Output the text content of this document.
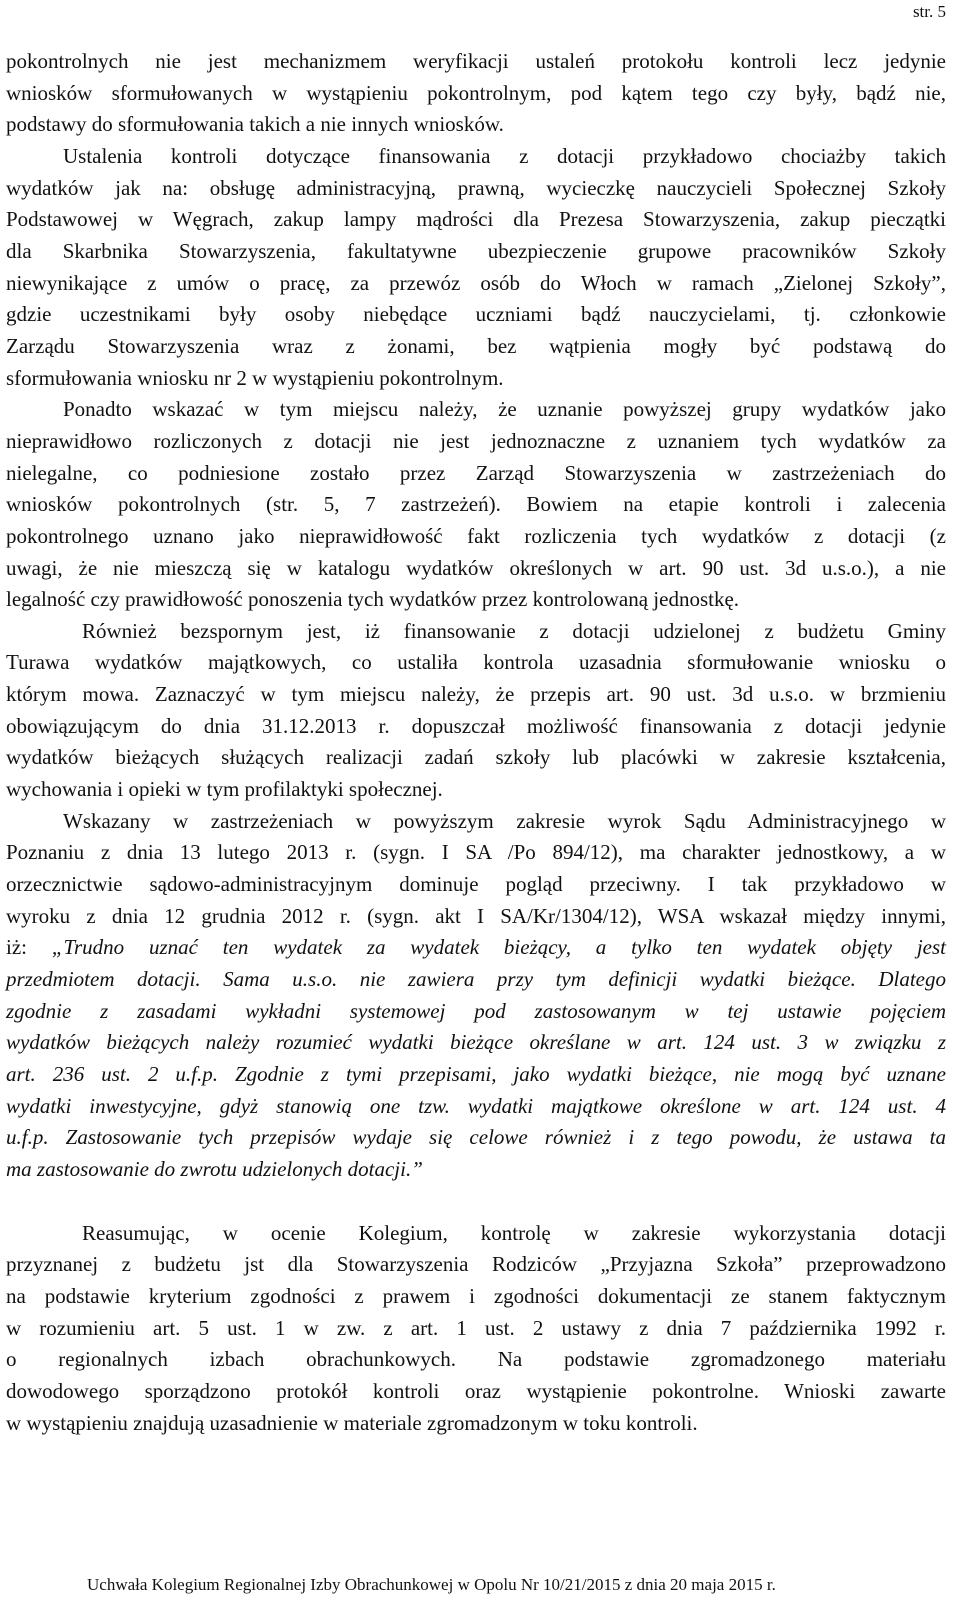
str. 5
pokontrolnych nie jest mechanizmem weryfikacji ustaleń protokołu kontroli lecz jedynie
wniosków sformułowanych w wystąpieniu pokontrolnym, pod kątem tego czy były, bądź nie,
podstawy do sformułowania takich a nie innych wniosków.
Ustalenia kontroli dotyczące finansowania z dotacji przykładowo chociażby takich
wydatków jak na: obsługę administracyjną, prawną, wycieczkę nauczycieli Społecznej Szkoły
Podstawowej w Węgrach, zakup lampy mądrości dla Prezesa Stowarzyszenia, zakup pieczątki
dla Skarbnika Stowarzyszenia, fakultatywne ubezpieczenie grupowe pracowników Szkoły
niewynikające z umów o pracę, za przewóz osób do Włoch w ramach „Zielonej Szkoły”,
gdzie uczestnikami były osoby niebędące uczniami bądź nauczycielami, tj. członkowie
Zarządu Stowarzyszenia wraz z żonami, bez wątpienia mogły być podstawą do
sformułowania wniosku nr 2 w wystąpieniu pokontrolnym.
Ponadto wskazać w tym miejscu należy, że uznanie powyższej grupy wydatków jako
nieprawidłowo rozliczonych z dotacji nie jest jednoznaczne z uznaniem tych wydatków za
nielegalne, co podniesione zostało przez Zarząd Stowarzyszenia w zastrzeżeniach do
wniosków pokontrolnych (str. 5, 7 zastrzeżeń). Bowiem na etapie kontroli i zalecenia
pokontrolnego uznano jako nieprawidłowość fakt rozliczenia tych wydatków z dotacji (z
uwagi, że nie mieszczą się w katalogu wydatków określonych w art. 90 ust. 3d u.s.o.), a nie
legalność czy prawidłowość ponoszenia tych wydatków przez kontrolowaną jednostkę.
Również bezspornym jest, iż finansowanie z dotacji udzielonej z budżetu Gminy
Turawa wydatków majątkowych, co ustaliła kontrola uzasadnia sformułowanie wniosku o
którym mowa. Zaznaczyć w tym miejscu należy, że przepis art. 90 ust. 3d u.s.o. w brzmieniu
obowiązującym do dnia 31.12.2013 r. dopuszczał możliwość finansowania z dotacji jedynie
wydatków bieżących służących realizacji zadań szkoły lub placówki w zakresie kształcenia,
wychowania i opieki w tym profilaktyki społecznej.
Wskazany w zastrzeżeniach w powyższym zakresie wyrok Sądu Administracyjnego w
Poznaniu z dnia 13 lutego 2013 r. (sygn. I SA /Po 894/12), ma charakter jednostkowy, a w
orzecznictwie sądowo-administracyjnym dominuje pogląd przeciwny. I tak przykładowo w
wyroku z dnia 12 grudnia 2012 r. (sygn. akt I SA/Kr/1304/12), WSA wskazał między innymi,
iż: „Trudno uznać ten wydatek za wydatek bieżący, a tylko ten wydatek objęty jest
przedmiotem dotacji. Sama u.s.o. nie zawiera przy tym definicji wydatki bieżące. Dlatego
zgodnie z zasadami wykładni systemowej pod zastosowanym w tej ustawie pojęciem
wydatków bieżących należy rozumieć wydatki bieżące określane w art. 124 ust. 3 w związku z
art. 236 ust. 2 u.f.p. Zgodnie z tymi przepisami, jako wydatki bieżące, nie mogą być uznane
wydatki inwestycyjne, gdyż stanowią one tzw. wydatki majątkowe określone w art. 124 ust. 4
u.f.p. Zastosowanie tych przepisów wydaje się celowe również i z tego powodu, że ustawa ta
ma zastosowanie do zwrotu udzielonych dotacji.”
Reasumując, w ocenie Kolegium, kontrolę w zakresie wykorzystania dotacji
przyznanej z budżetu jst dla Stowarzyszenia Rodziców „Przyjazna Szkoła” przeprowadzono
na podstawie kryterium zgodności z prawem i zgodności dokumentacji ze stanem faktycznym
w rozumieniu art. 5 ust. 1 w zw. z art. 1 ust. 2 ustawy z dnia 7 października 1992 r.
o regionalnych izbach obrachunkowych. Na podstawie zgromadzonego materiału
dowodowego sporządzono protokół kontroli oraz wystąpienie pokontrolne. Wnioski zawarte
w wystąpieniu znajdują uzasadnienie w materiale zgromadzonym w toku kontroli.
Uchwała Kolegium Regionalnej Izby Obrachunkowej w Opolu Nr 10/21/2015 z dnia 20 maja 2015 r.
